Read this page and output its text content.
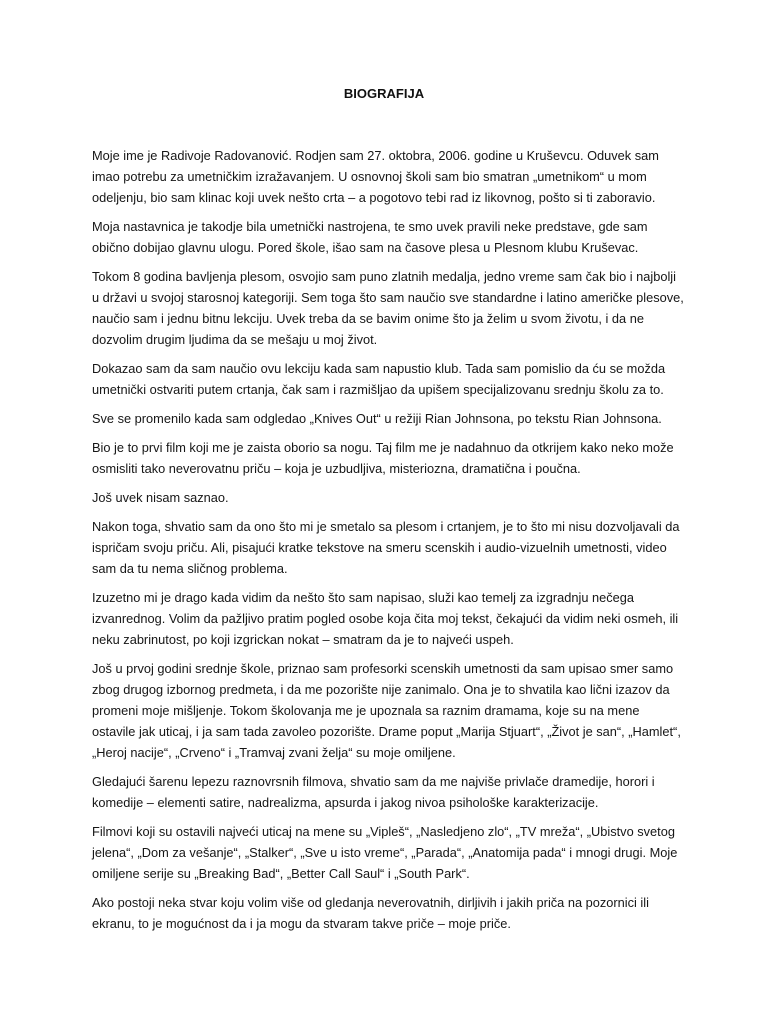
BIOGRAFIJA

Moje ime je Radivoje Radovanović. Rodjen sam 27. oktobra, 2006. godine u Kruševcu. Oduvek sam imao potrebu za umetničkim izražavanjem. U osnovnoj školi sam bio smatran „umetnikom“ u mom odeljenju, bio sam klinac koji uvek nešto crta – a pogotovo tebi rad iz likovnog, pošto si ti zaboravio.

Moja nastavnica je takodje bila umetnički nastrojena, te smo uvek pravili neke predstave, gde sam obično dobijao glavnu ulogu. Pored škole, išao sam na časove plesa u Plesnom klubu Kruševac.

Tokom 8 godina bavljenja plesom, osvojio sam puno zlatnih medalja, jedno vreme sam čak bio i najbolji u državi u svojoj starosnoj kategoriji. Sem toga što sam naučio sve standardne i latino američke plesove, naučio sam i jednu bitnu lekciju. Uvek treba da se bavim onime što ja želim u svom životu, i da ne dozvolim drugim ljudima da se mešaju u moj život.

Dokazao sam da sam naučio ovu lekciju kada sam napustio klub. Tada sam pomislio da ću se možda umetnički ostvariti putem crtanja, čak sam i razmišljao da upišem specijalizovanu srednju školu za to.

Sve se promenilo kada sam odgledao „Knives Out“ u režiji Rian Johnsona, po tekstu Rian Johnsona.

Bio je to prvi film koji me je zaista oborio sa nogu. Taj film me je nadahnuo da otkrijem kako neko može osmisliti tako neverovatnu priču – koja je uzbudljiva, misteriozna, dramatična i poučna.

Još uvek nisam saznao.

Nakon toga, shvatio sam da ono što mi je smetalo sa plesom i crtanjem, je to što mi nisu dozvoljavali da ispričam svoju priču. Ali, pisajući kratke tekstove na smeru scenskih i audio-vizuelnih umetnosti, video sam da tu nema sličnog problema.

Izuzetno mi je drago kada vidim da nešto što sam napisao, služi kao temelj za izgradnju nečega izvanrednog. Volim da pažljivo pratim pogled osobe koja čita moj tekst, čekajući da vidim neki osmeh, ili neku zabrinutost, po koji izgrickan nokat – smatram da je to najveći uspeh.

Još u prvoj godini srednje škole, priznao sam profesorki scenskih umetnosti da sam upisao smer samo zbog drugog izbornog predmeta, i da me pozorište nije zanimalo. Ona je to shvatila kao lični izazov da promeni moje mišljenje. Tokom školovanja me je upoznala sa raznim dramama, koje su na mene ostavile jak uticaj, i ja sam tada zavoleo pozorište. Drame poput „Marija Stjuart“, „Život je san“, „Hamlet“, „Heroj nacije“, „Crveno“ i „Tramvaj zvani želja“ su moje omiljene.

Gledajući šarenu lepezu raznovrsnih filmova, shvatio sam da me najviše privlače dramedije, horori i komedije – elementi satire, nadrealizma, apsurda i jakog nivoa psihološke karakterizacije.

Filmovi koji su ostavili najveći uticaj na mene su „Vipleš“, „Nasledjeno zlo“, „TV mreža“, „Ubistvo svetog jelena“, „Dom za vešanje“, „Stalker“, „Sve u isto vreme“, „Parada“, „Anatomija pada“ i mnogi drugi. Moje omiljene serije su „Breaking Bad“, „Better Call Saul“ i „South Park“.

Ako postoji neka stvar koju volim više od gledanja neverovatnih, dirljivih i jakih priča na pozornici ili ekranu, to je mogućnost da i ja mogu da stvaram takve priče – moje priče.
